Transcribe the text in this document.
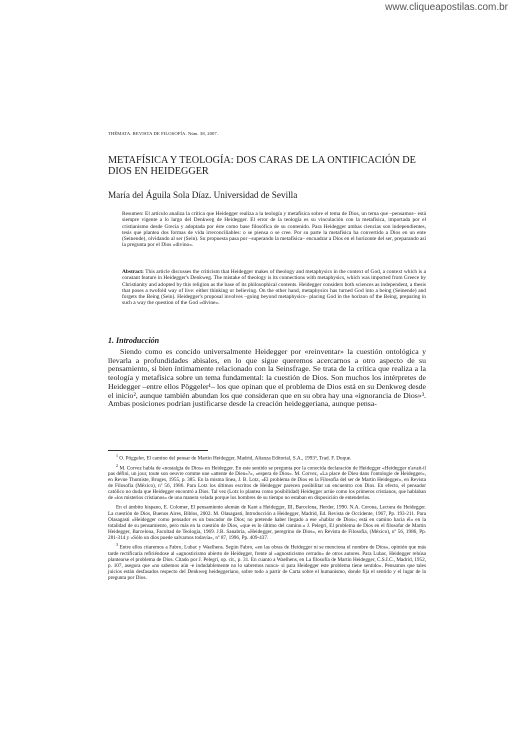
www.cliqueapostilas.com.br
THÉMATA. REVISTA DE FILOSOFÍA. Núm. 38, 2007.
METAFÍSICA Y TEOLOGÍA: DOS CARAS DE LA ONTIFICACIÓN DE DIOS EN HEIDEGGER
María del Águila Sola Díaz. Universidad de Sevilla

Resumen: El artículo analiza la crítica que Heidegger realiza a la teología y metafísica sobre el tema de Dios, un tema que –pensamos– está siempre vigente a lo largo del Denkweg de Heidegger. El error de la teología es su vinculación con la metafísica, importada por el cristianismo desde Grecia y adoptada por éste como base filosófica de su contenido. Para Heidegger ambas ciencias son independientes, tesis que plantea dos formas de vida irreconciliables: o se piensa o se cree. Por su parte la metafísica ha convertido a Dios en un ente (Seinende), olvidando al ser (Sein). Su propuesta pasa por –superando la metafísica– encuadrar a Dios en el horizonte del ser, preparando así la pregunta por el Dios «divino».

Abstract: This article discusses the criticism that Heidegger makes of theology and metaphysics in the context of God, a context which is a constant feature in Heidegger's Denkweg. The mistake of theology is its connections with metaphysics, which was imported from Greece by Christianity and adopted by this religion as the base of its philosophical contents. Heidegger considers both sciences as independent, a thesis that poses a twofold way of live: either thinking or believing. On the other hand, metaphysics has turned God into a being (Seinende) and forgets the Being (Sein). Heidegger's proposal involves –going beyond metaphysics– placing God in the horizon of the Being, preparing in such a way the question of the God «divine».

1. Introducción

Siendo como es concido universalmente Heidegger por «reinventar» la cuestión ontológica y llevarla a profundidades abisales, en lo que sigue queremos acercarnos a otro aspecto de su pensamiento, si bien íntimamente relacionado con la Seinsfrage. Se trata de la crítica que realiza a la teología y metafísica sobre un tema fundamental: la cuestión de Dios. Son muchos los intérpretes de Heidegger –entre ellos Pöggeler¹– los que opinan que el problema de Dios está en su Denkweg desde el inicio², aunque también abundan los que consideran que en su obra hay una «ignorancia de Dios»³. Ambas posiciones podrían justificarse desde la creación heideggeriana, aunque pensa-

$^1$ O. Pöggeler, El camino del pensar de Martin Heidegger, Madrid, Alianza Editorial, S.A., 1993³, Trad. F. Duque.

$^2$ M. Corvez habla de «nostalgia de Dios» en Heidegger. En este sentido se pregunta por la conocida declaración de Heidegger «Heidegger n'avait-il pas défini, un jour, toute son oeuvre comme une «attente de Dieu»?», «espera de Dios». M. Corvez, «La place de Dieu dans l'ontologie de Heidegger», en Revue Thomiste, Bruges, 1955, p. 385. En la misma línea, J. B. Lotz, «El problema de Dios en la Filosofía del ser de Martin Heidegger», en Revista de Filosofía (México), nº 56, 1986. Para Lotz los últimos escritos de Heidegger parecen posibilitar un encuentro con Dios. En efecto, el pensador católico no duda que Heidegger encontró a Dios. Tal vez (Lotz lo plantea como posibilidad) Heidegger actúe como los primeros cristianos, que hablaban de «los misterios cristianos» de una manera velada porque los hombres de su tiempo no estaban en disposición de entenderlos.

En el ámbito hispano, E. Colomer, El pensamiento alemán de Kant a Heidegger, III, Barcelona, Herder, 1990. N.A. Corona, Lectura de Heidegger. La cuestión de Dios, Buenos Aires, Biblos, 2002. M. Olasagasti, Introducción a Heidegger, Madrid, Ed. Revista de Occidente, 1967, Pp. 193-211. Para Olasagasti «Heidegger como pensador es un buscador de Dios; no pretende haber llegado a ese «hablar de Dios»; está en camino hacia él» en la totalidad de su pensamiento, pero más en la cuestión de Dios, «que es lo último del camino.» J. Pelegrí, El problema de Dios en el filosofar de Martin Heidegger, Barcelona, Facultad de Teología, 1969. J.R. Sanabria, «Heidegger, peregrino de Dios», en Revista de Filosofía, (México), nº 56, 1986, Pp. 281-314 y «Sólo un dios puede salvarnos todavía», nº 87, 1996, Pp. 409-437.

$^3$ Entre ellos citaremos a Fabro, Lubac y Waelhens. Según Fabro, «en las obras de Heidegger ni se menciona el nombre de Dios», opinión que más tarde rectificaría refiriéndose al «agnosticismo abierto de Heidegger, frente al «agnosticismo cerrado» de otros autores. Para Lubac, Heidegger rehúsa plantearse el problema de Dios. Citado por J. Pelegrí, op. cit., p. 31. En cuanto a Waelhens, en La filosofía de Martin Heidegger, C.S.I.C., Madrid, 1952, p. 107, asegura que «no sabemos aún -e indudablemente no lo sabremos nunca- si para Heidegger este problema tiene sentido». Pensamos que tales juicios están desfasados respecto del Denkweg heideggeriano, sobre todo a partir de Carta sobre el humanismo, donde fija el sentido y el lugar de la pregunta por Dios.
